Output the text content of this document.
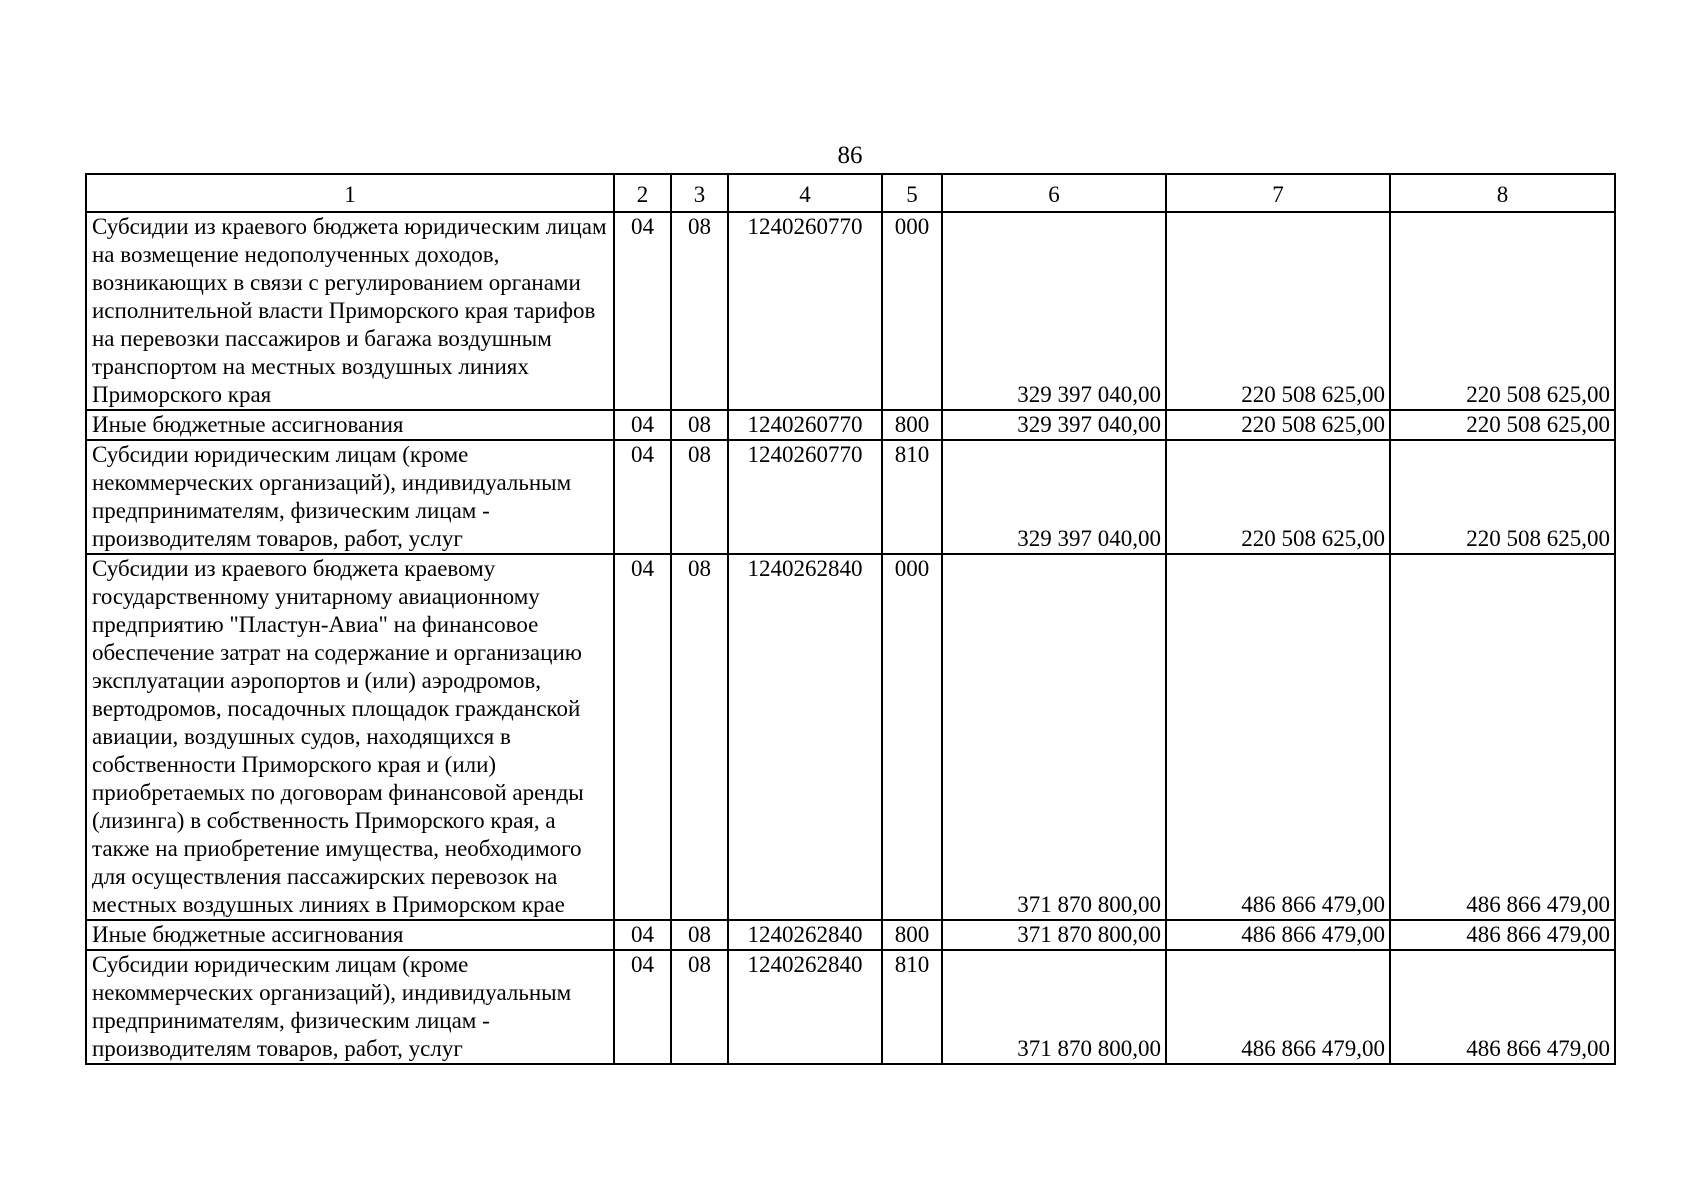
86
1	2	3	4	5	6	7	8
Субсидии из краевого бюджета юридическим лицам на возмещение недополученных доходов, возникающих в связи с регулированием органами исполнительной власти Приморского края тарифов на перевозки пассажиров и багажа воздушным транспортом на местных воздушных линиях Приморского края	04	08	1240260770	000	329 397 040,00	220 508 625,00	220 508 625,00
Иные бюджетные ассигнования	04	08	1240260770	800	329 397 040,00	220 508 625,00	220 508 625,00
Субсидии юридическим лицам (кроме некоммерческих организаций), индивидуальным предпринимателям, физическим лицам - производителям товаров, работ, услуг	04	08	1240260770	810	329 397 040,00	220 508 625,00	220 508 625,00
Субсидии из краевого бюджета краевому государственному унитарному авиационному предприятию "Пластун-Авиа" на финансовое обеспечение затрат на содержание и организацию эксплуатации аэропортов и (или) аэродромов, вертодромов, посадочных площадок гражданской авиации, воздушных судов, находящихся в собственности Приморского края и (или) приобретаемых по договорам финансовой аренды (лизинга) в собственность Приморского края, а также на приобретение имущества, необходимого для осуществления пассажирских перевозок на местных воздушных линиях в Приморском крае	04	08	1240262840	000	371 870 800,00	486 866 479,00	486 866 479,00
Иные бюджетные ассигнования	04	08	1240262840	800	371 870 800,00	486 866 479,00	486 866 479,00
Субсидии юридическим лицам (кроме некоммерческих организаций), индивидуальным предпринимателям, физическим лицам - производителям товаров, работ, услуг	04	08	1240262840	810	371 870 800,00	486 866 479,00	486 866 479,00
